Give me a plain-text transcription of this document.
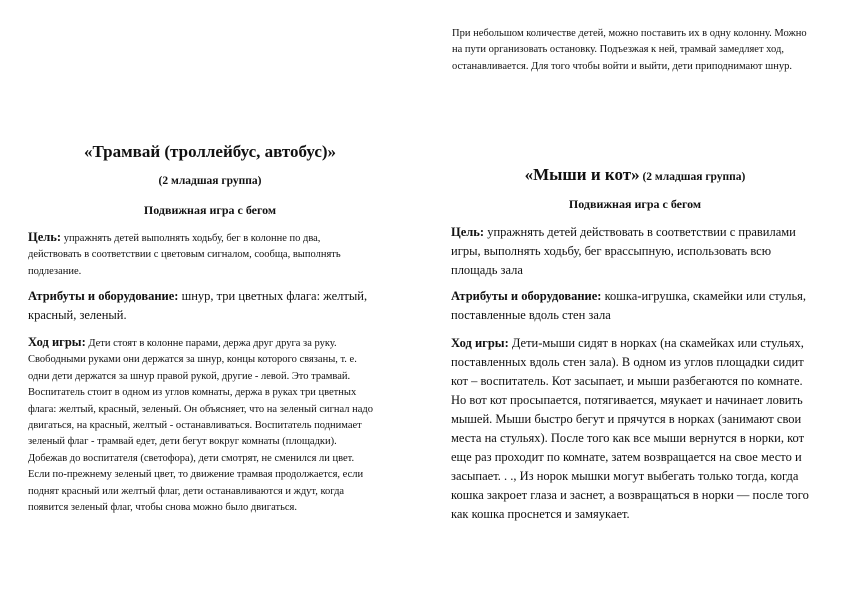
При небольшом количестве детей, можно поставить их в одну колонну. Можно на пути организовать остановку. Подъезжая к ней, трамвай замедляет ход, останавливается. Для того чтобы войти и выйти, дети приподнимают шнур.
«Трамвай (троллейбус, автобус)»
(2 младшая группа)
Подвижная игра с бегом
Цель: упражнять детей выполнять ходьбу, бег в колонне по два, действовать в соответствии с цветовым сигналом, сообща, выполнять подлезание.
Атрибуты и оборудование: шнур, три цветных флага: желтый, красный, зеленый.
Ход игры: Дети стоят в колонне парами, держа друг друга за руку. Свободными руками они держатся за шнур, концы которого связаны, т. е. одни дети держатся за шнур правой рукой, другие - левой. Это трамвай. Воспитатель стоит в одном из углов комнаты, держа в руках три цветных флага: желтый, красный, зеленый. Он объясняет, что на зеленый сигнал надо двигаться, на красный, желтый - останавливаться. Воспитатель поднимает зеленый флаг - трамвай едет, дети бегут вокруг комнаты (площадки). Добежав до воспитателя (светофора), дети смотрят, не сменился ли цвет. Если по-прежнему зеленый цвет, то движение трамвая продолжается, если поднят красный или желтый флаг, дети останавливаются и ждут, когда появится зеленый флаг, чтобы снова можно было двигаться.
«Мыши и кот» (2 младшая группа)
Подвижная игра с бегом
Цель: упражнять детей действовать в соответствии с правилами игры, выполнять ходьбу, бег врассыпную, использовать всю площадь зала
Атрибуты и оборудование: кошка-игрушка, скамейки или стулья, поставленные вдоль стен зала
Ход игры: Дети-мыши сидят в норках (на скамейках или стульях, поставленных вдоль стен зала). В одном из углов площадки сидит кот – воспитатель. Кот засыпает, и мыши разбегаются по комнате. Но вот кот просыпается, потягивается, мяукает и начинает ловить мышей. Мыши быстро бегут и прячутся в норках (занимают свои места на стульях). После того как все мыши вернутся в норки, кот еще раз проходит по комнате, затем возвращается на свое место и засыпает. . ., Из норок мышки могут выбегать только тогда, когда кошка закроет глаза и заснет, а возвращаться в норки — после того как кошка проснется и замяукает.
